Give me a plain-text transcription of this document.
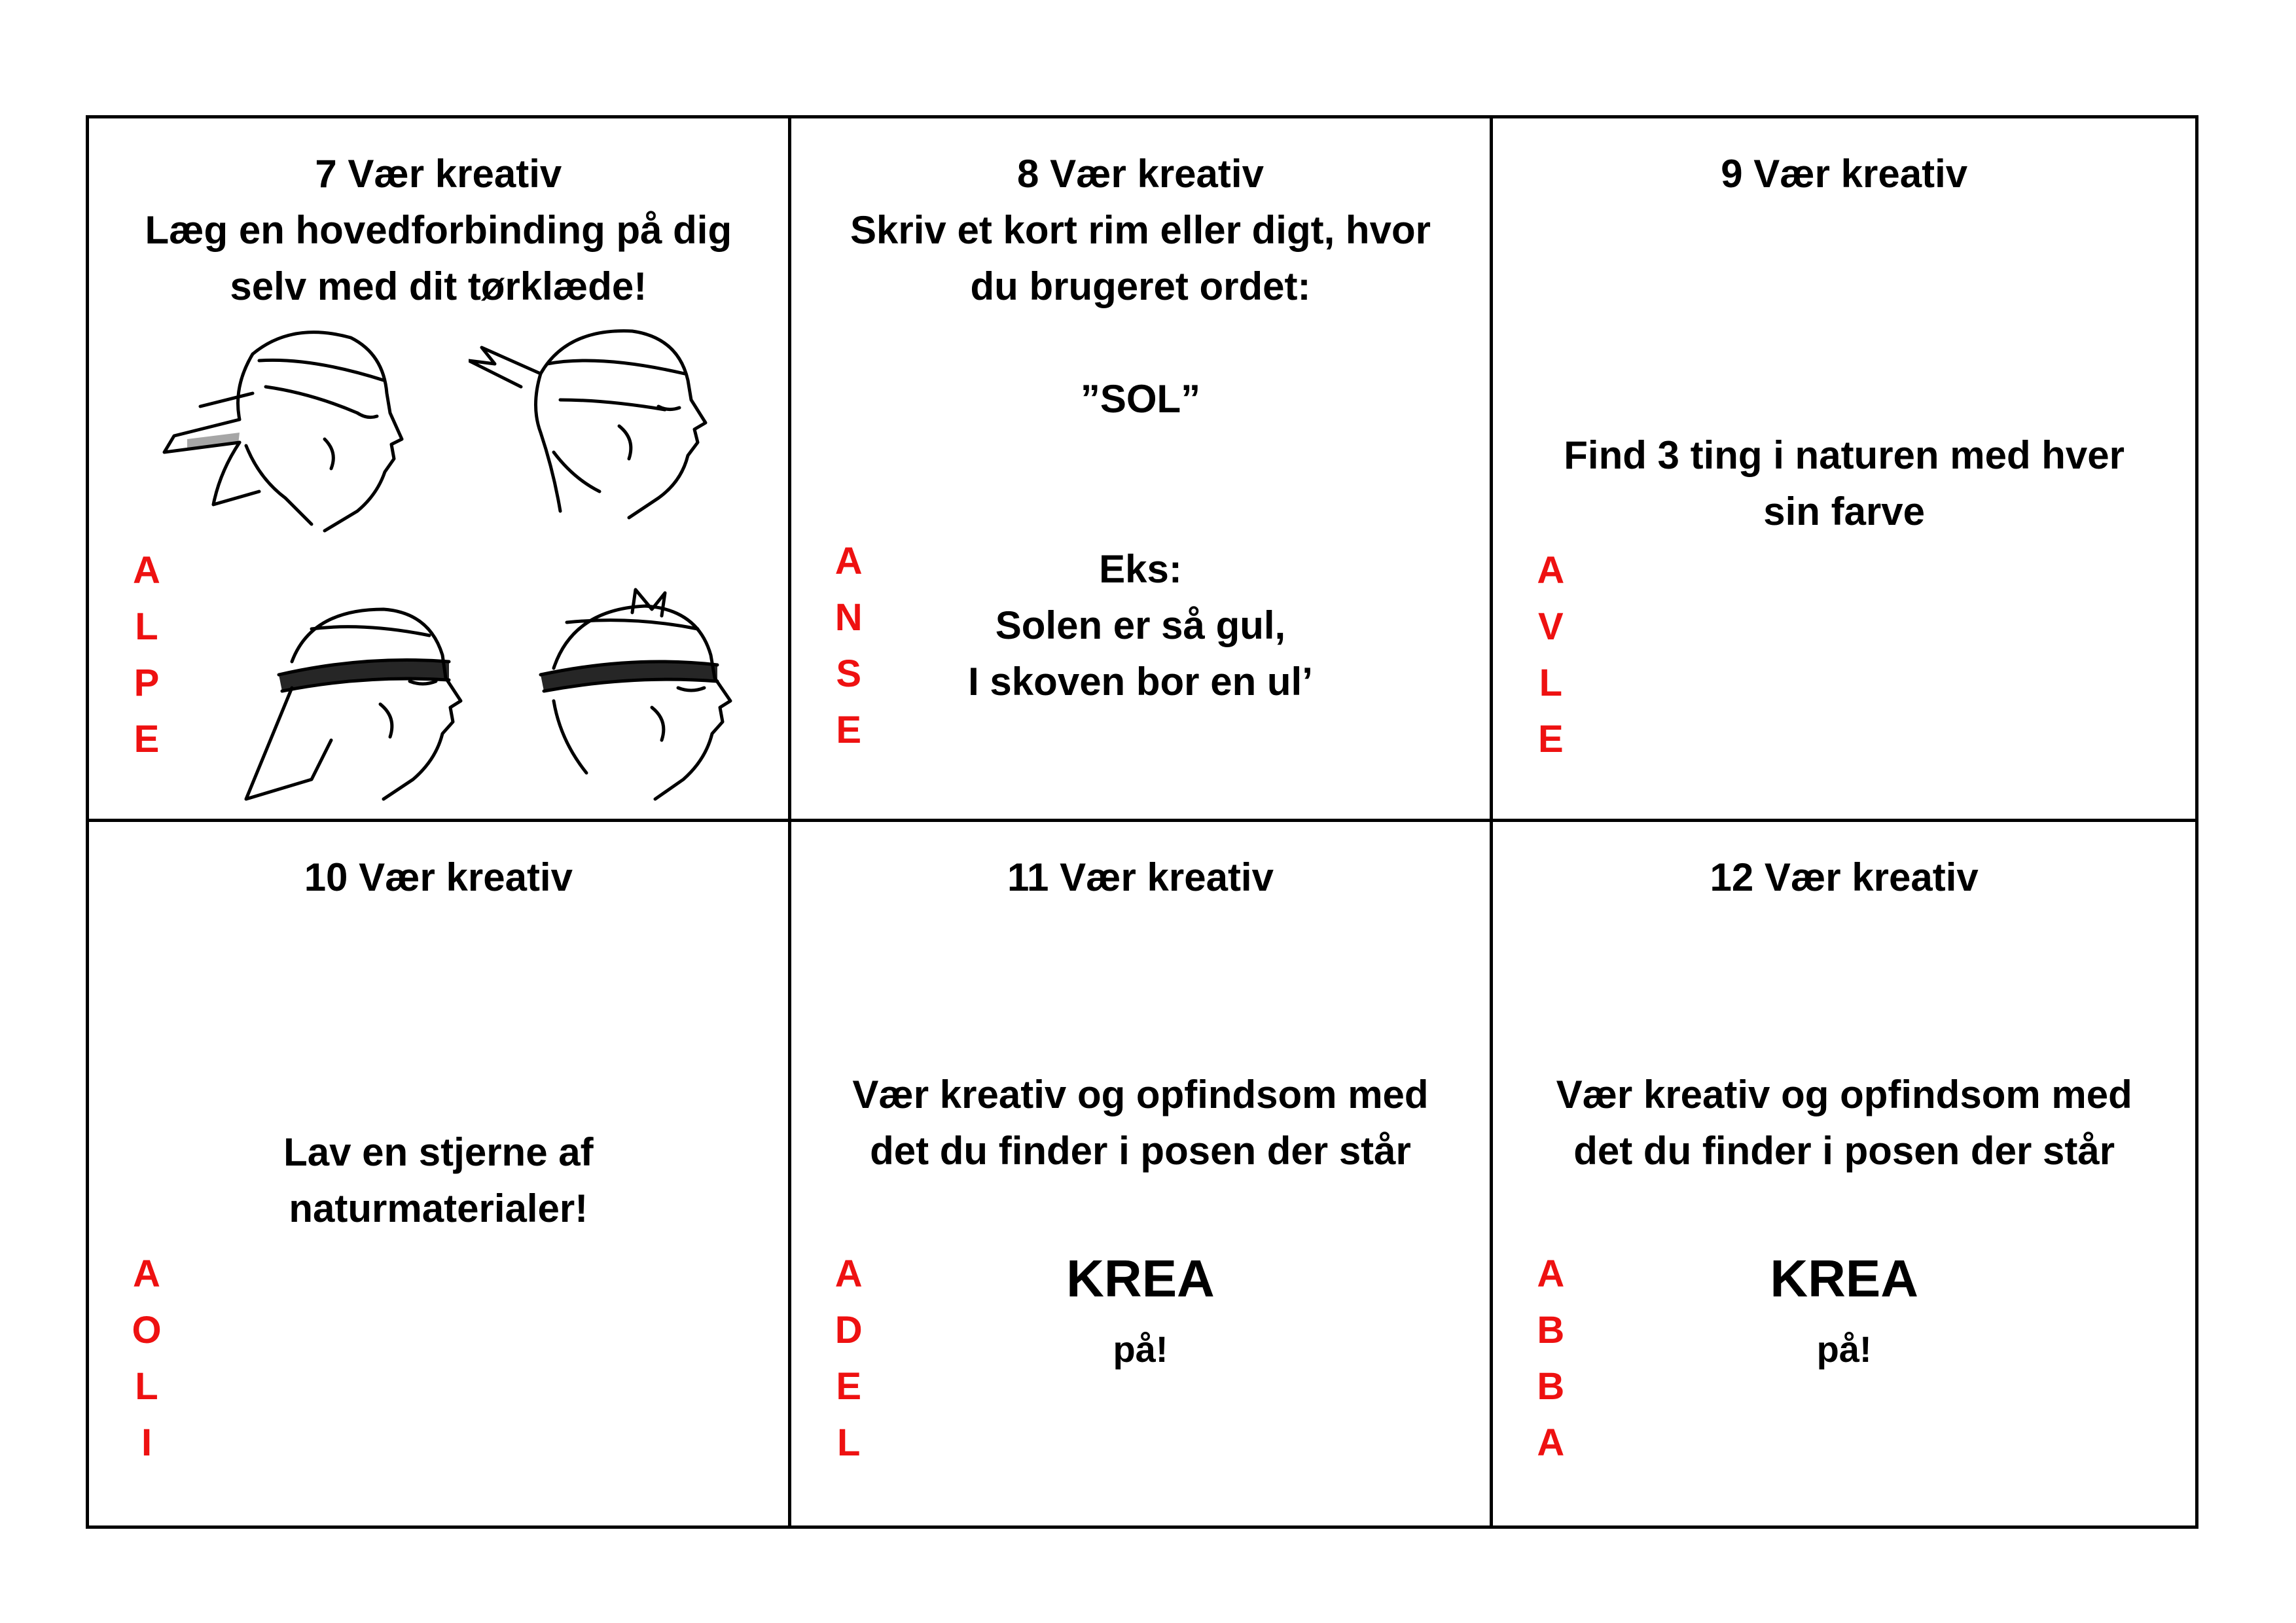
7 Vær kreativ
Læg en hovedforbinding på dig
selv med dit tørklæde!
A
L
P
E
8 Vær kreativ
Skriv et kort rim eller digt, hvor
du brugeret ordet:
”SOL”
Eks:
Solen er så gul,
I skoven bor en ul’
A
N
S
E
9 Vær kreativ
Find 3 ting i naturen med hver
sin farve
A
V
L
E
10 Vær kreativ
Lav en stjerne af
naturmaterialer!
A
O
L
I
11 Vær kreativ
Vær kreativ og opfindsom med
det du finder i posen der står

KREA
på!

A
D
E
L
12 Vær kreativ
Vær kreativ og opfindsom med
det du finder i posen der står

KREA
på!

A
B
B
A
